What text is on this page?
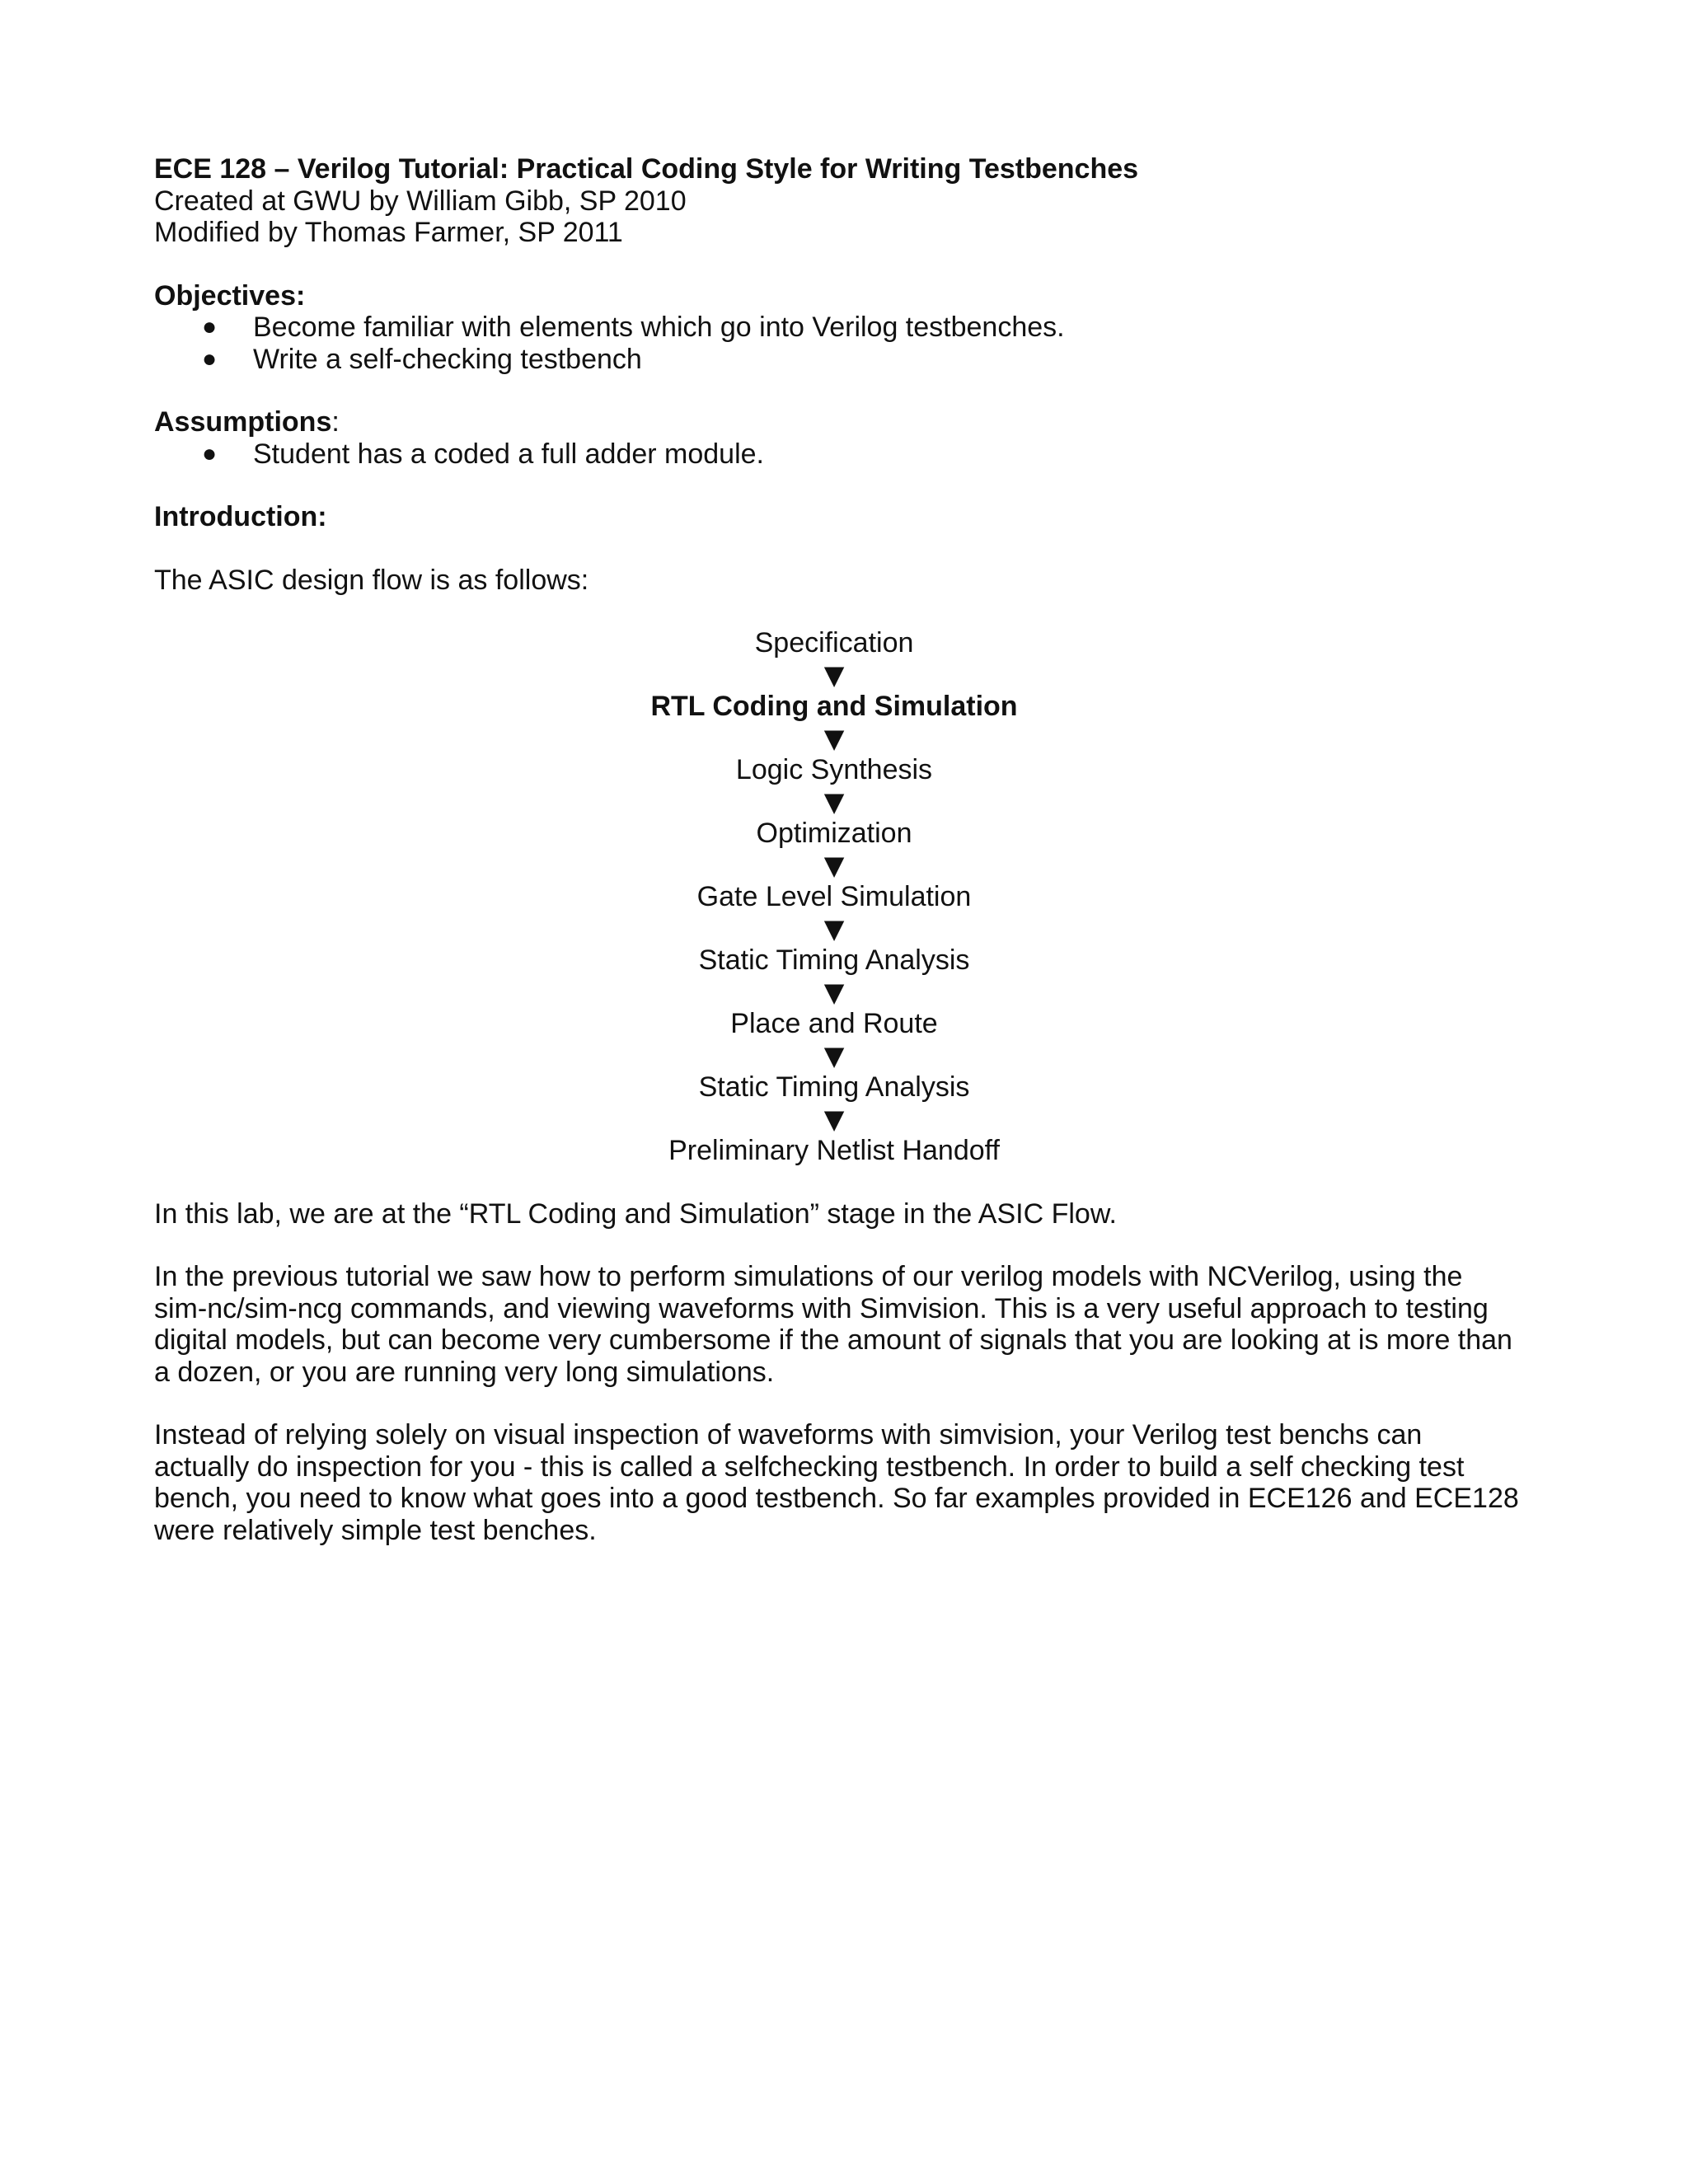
ECE 128 – Verilog Tutorial: Practical Coding Style for Writing Testbenches

Created at GWU by William Gibb, SP 2010

Modified by Thomas Farmer, SP 2011

Objectives:

● Become familiar with elements which go into Verilog testbenches.
● Write a self-checking testbench

Assumptions:

● Student has a coded a full adder module.

Introduction:

The ASIC design flow is as follows:

Specification

▼

RTL Coding and Simulation

▼

Logic Synthesis

▼

Optimization

▼

Gate Level Simulation

▼

Static Timing Analysis

▼

Place and Route

▼

Static Timing Analysis

▼

Preliminary Netlist Handoff

In this lab, we are at the “RTL Coding and Simulation” stage in the ASIC Flow.

In the previous tutorial we saw how to perform simulations of our verilog models with NCVerilog, using the sim-nc/sim-ncg commands, and viewing waveforms with Simvision. This is a very useful approach to testing digital models, but can become very cumbersome if the amount of signals that you are looking at is more than a dozen, or you are running very long simulations.

Instead of relying solely on visual inspection of waveforms with simvision, your Verilog test benchs can actually do inspection for you - this is called a selfchecking testbench. In order to build a self checking test bench, you need to know what goes into a good testbench. So far examples provided in ECE126 and ECE128 were relatively simple test benches.
